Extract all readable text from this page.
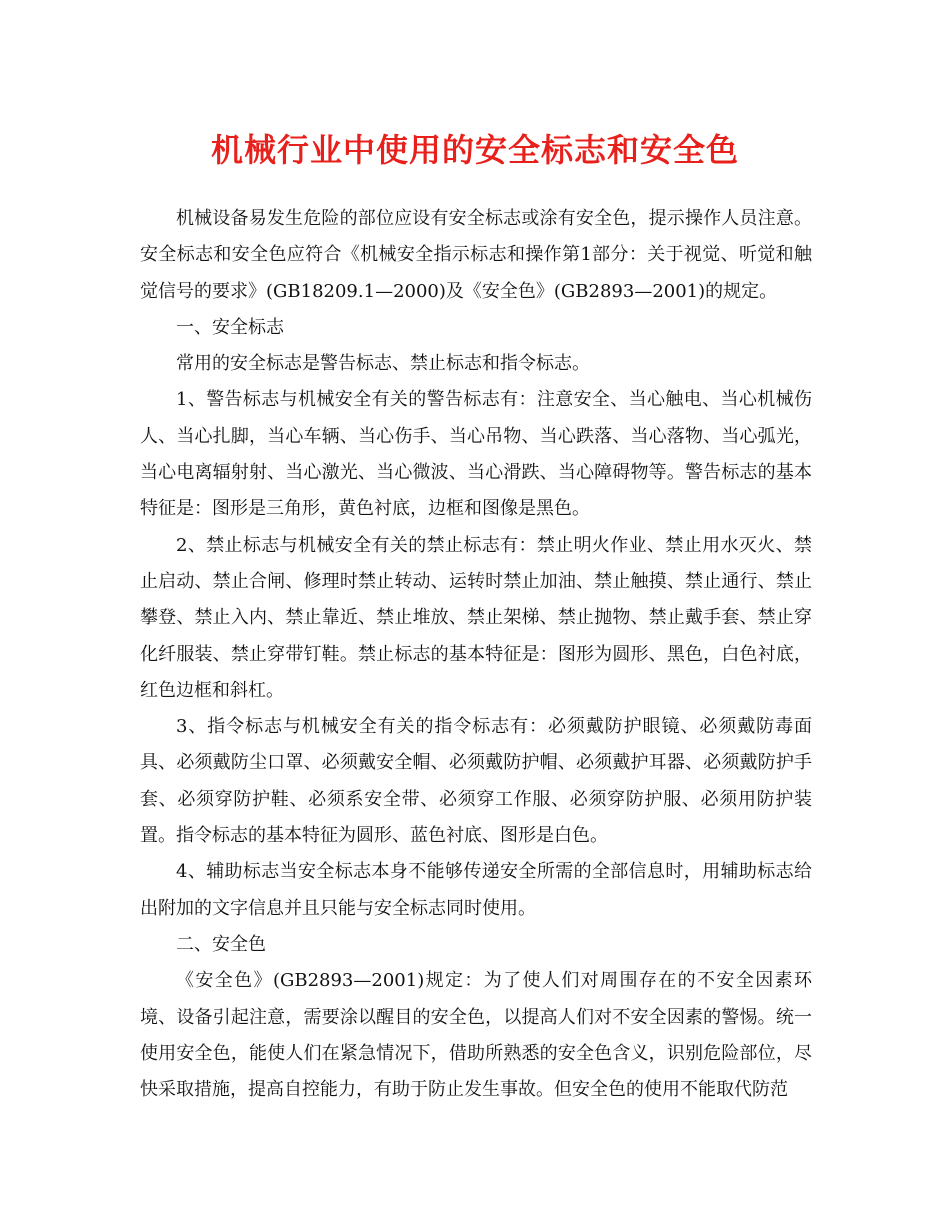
机械行业中使用的安全标志和安全色

机械设备易发生危险的部位应设有安全标志或涂有安全色，提示操作人员注意。安全标志和安全色应符合《机械安全指示标志和操作第1部分：关于视觉、听觉和触觉信号的要求》(GB18209.1—2000)及《安全色》(GB2893—2001)的规定。

一、安全标志

常用的安全标志是警告标志、禁止标志和指令标志。

1、警告标志与机械安全有关的警告标志有：注意安全、当心触电、当心机械伤人、当心扎脚，当心车辆、当心伤手、当心吊物、当心跌落、当心落物、当心弧光，当心电离辐射射、当心激光、当心微波、当心滑跌、当心障碍物等。警告标志的基本特征是：图形是三角形，黄色衬底，边框和图像是黑色。

2、禁止标志与机械安全有关的禁止标志有：禁止明火作业、禁止用水灭火、禁止启动、禁止合闸、修理时禁止转动、运转时禁止加油、禁止触摸、禁止通行、禁止攀登、禁止入内、禁止靠近、禁止堆放、禁止架梯、禁止抛物、禁止戴手套、禁止穿化纤服装、禁止穿带钉鞋。禁止标志的基本特征是：图形为圆形、黑色，白色衬底，红色边框和斜杠。

3、指令标志与机械安全有关的指令标志有：必须戴防护眼镜、必须戴防毒面具、必须戴防尘口罩、必须戴安全帽、必须戴防护帽、必须戴护耳器、必须戴防护手套、必须穿防护鞋、必须系安全带、必须穿工作服、必须穿防护服、必须用防护装置。指令标志的基本特征为圆形、蓝色衬底、图形是白色。

4、辅助标志当安全标志本身不能够传递安全所需的全部信息时，用辅助标志给出附加的文字信息并且只能与安全标志同时使用。

二、安全色

《安全色》(GB2893—2001)规定：为了使人们对周围存在的不安全因素环境、设备引起注意，需要涂以醒目的安全色，以提高人们对不安全因素的警惕。统一使用安全色，能使人们在紧急情况下，借助所熟悉的安全色含义，识别危险部位，尽快采取措施，提高自控能力，有助于防止发生事故。但安全色的使用不能取代防范
